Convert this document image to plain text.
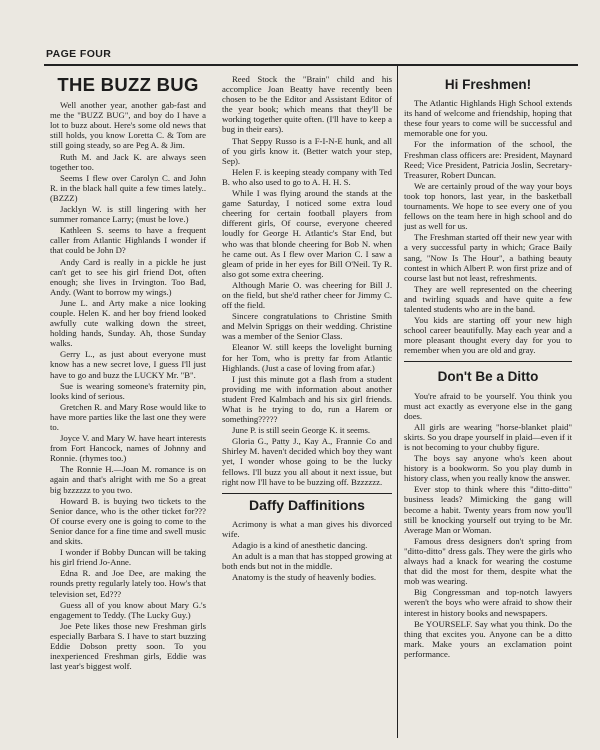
PAGE FOUR
THE BUZZ BUG

Well another year, another gab-fast and me the "BUZZ BUG", and boy do I have a lot to buzz about. Here's some old news that still holds, you know Loretta C. & Tom are still going steady, so are Peg A. & Jim.

Ruth M. and Jack K. are always seen together too.

Seems I flew over Carolyn C. and John R. in the black hall quite a few times lately.. (BZZZ)

Jacklyn W. is still lingering with her summer romance Larry; (must be love.)

Kathleen S. seems to have a frequent caller from Atlantic Highlands I wonder if that could be John D?

Andy Card is really in a pickle he just can't get to see his girl friend Dot, often enough; she lives in Irvington. Too Bad, Andy. (Want to borrow my wings.)

June L. and Arty make a nice looking couple. Helen K. and her boy friend looked awfully cute walking down the street, holding hands, Sunday. Ah, those Sunday walks.

Gerry L., as just about everyone must know has a new secret love, I guess I'll just have to go and buzz the LUCKY Mr. "B".

Sue is wearing someone's fraternity pin, looks kind of serious.

Gretchen R. and Mary Rose would like to have more parties like the last one they were to.

Joyce V. and Mary W. have heart interests from Fort Hancock, names of Johnny and Ronnie. (rhymes too.)

The Ronnie H.—Joan M. romance is on again and that's alright with me So a great big bzzzzzz to you two.

Howard B. is buying two tickets to the Senior dance, who is the other ticket for??? Of course every one is going to come to the Senior dance for a fine time and swell music and skits.

I wonder if Bobby Duncan will be taking his girl friend Jo-Anne.

Edna R. and Joe Dee, are making the rounds pretty regularly lately too. How's that television set, Ed???

Guess all of you know about Mary G.'s engagement to Teddy. (The Lucky Guy.)

Joe Pete likes those new Freshman girls especially Barbara S. I have to start buzzing Eddie Dobson pretty soon. To you inexperienced Freshman girls, Eddie was last year's biggest wolf.

Reed Stock the "Brain" child and his accomplice Joan Beatty have recently been chosen to be the Editor and Assistant Editor of the year book; which means that they'll be working together quite often. (I'll have to keep a bug in their ears).

That Seppy Russo is a F-I-N-E hunk, and all of you girls know it. (Better watch your step, Sep).

Helen F. is keeping steady company with Ted B. who also used to go to A. H. H. S.

While I was flying around the stands at the game Saturday, I noticed some extra loud cheering for certain football players from different girls, Of course, everyone cheered loudly for George H. Atlantic's Star End, but who was that blonde cheering for Bob N. when he came out. As I flew over Marion C. I saw a gleam of pride in her eyes for Bill O'Neil. Ty R. also got some extra cheering.

Although Marie O. was cheering for Bill J. on the field, but she'd rather cheer for Jimmy C. off the field.

Sincere congratulations to Christine Smith and Melvin Spriggs on their wedding. Christine was a member of the Senior Class.

Eleanor W. still keeps the lovelight burning for her Tom, who is pretty far from Atlantic Highlands. (Just a case of loving from afar.)

I just this minute got a flash from a student providing me with information about another student Fred Kalmbach and his six girl friends. What is he trying to do, run a Harem or something?????

June P. is still seein George K. it seems.

Gloria G., Patty J., Kay A., Frannie Co and Shirley M. haven't decided which boy they want yet, I wonder whose going to be the lucky fellows. I'll buzz you all about it next issue, but right now I'll have to be buzzing off. Bzzzzzz.

Daffy Daffinitions

Acrimony is what a man gives his divorced wife.

Adagio is a kind of anesthetic dancing.

An adult is a man that has stopped growing at both ends but not in the middle.

Anatomy is the study of heavenly bodies.

Hi Freshmen!

The Atlantic Highlands High School extends its hand of welcome and friendship, hoping that these four years to come will be successful and memorable one for you.

For the information of the school, the Freshman class officers are: President, Maynard Reed; Vice President, Patricia Joslin, Secretary-Treasurer, Robert Duncan.

We are certainly proud of the way your boys took top honors, last year, in the basketball tournaments. We hope to see every one of you fellows on the team here in high school and do just as well for us.

The Freshman started off their new year with a very successful party in which; Grace Baily sang, "Now Is The Hour", a bathing beauty contest in which Albert P. won first prize and of course last but not least, refreshments.

They are well represented on the cheering and twirling squads and have quite a few talented students who are in the band.

You kids are starting off your new high school career beautifully. May each year and a more pleasant thought every day for you to remember when you are old and gray.

Don't Be a Ditto

You're afraid to be yourself. You think you must act exactly as everyone else in the gang does.

All girls are wearing "horse-blanket plaid" skirts. So you drape yourself in plaid—even if it is not becoming to your chubby figure.

The boys say anyone who's keen about history is a bookworm. So you play dumb in history class, when you really know the answer.

Ever stop to think where this "ditto-ditto" business leads? Mimicking the gang will become a habit. Twenty years from now you'll still be knocking yourself out trying to be Mr. Average Man or Woman.

Famous dress designers don't spring from "ditto-ditto" dress gals. They were the girls who always had a knack for wearing the costume that did the most for them, despite what the mob was wearing.

Big Congressman and top-notch lawyers weren't the boys who were afraid to show their interest in history books and newspapers.

Be YOURSELF. Say what you think. Do the thing that excites you. Anyone can be a ditto mark. Make yours an exclamation point performance.
